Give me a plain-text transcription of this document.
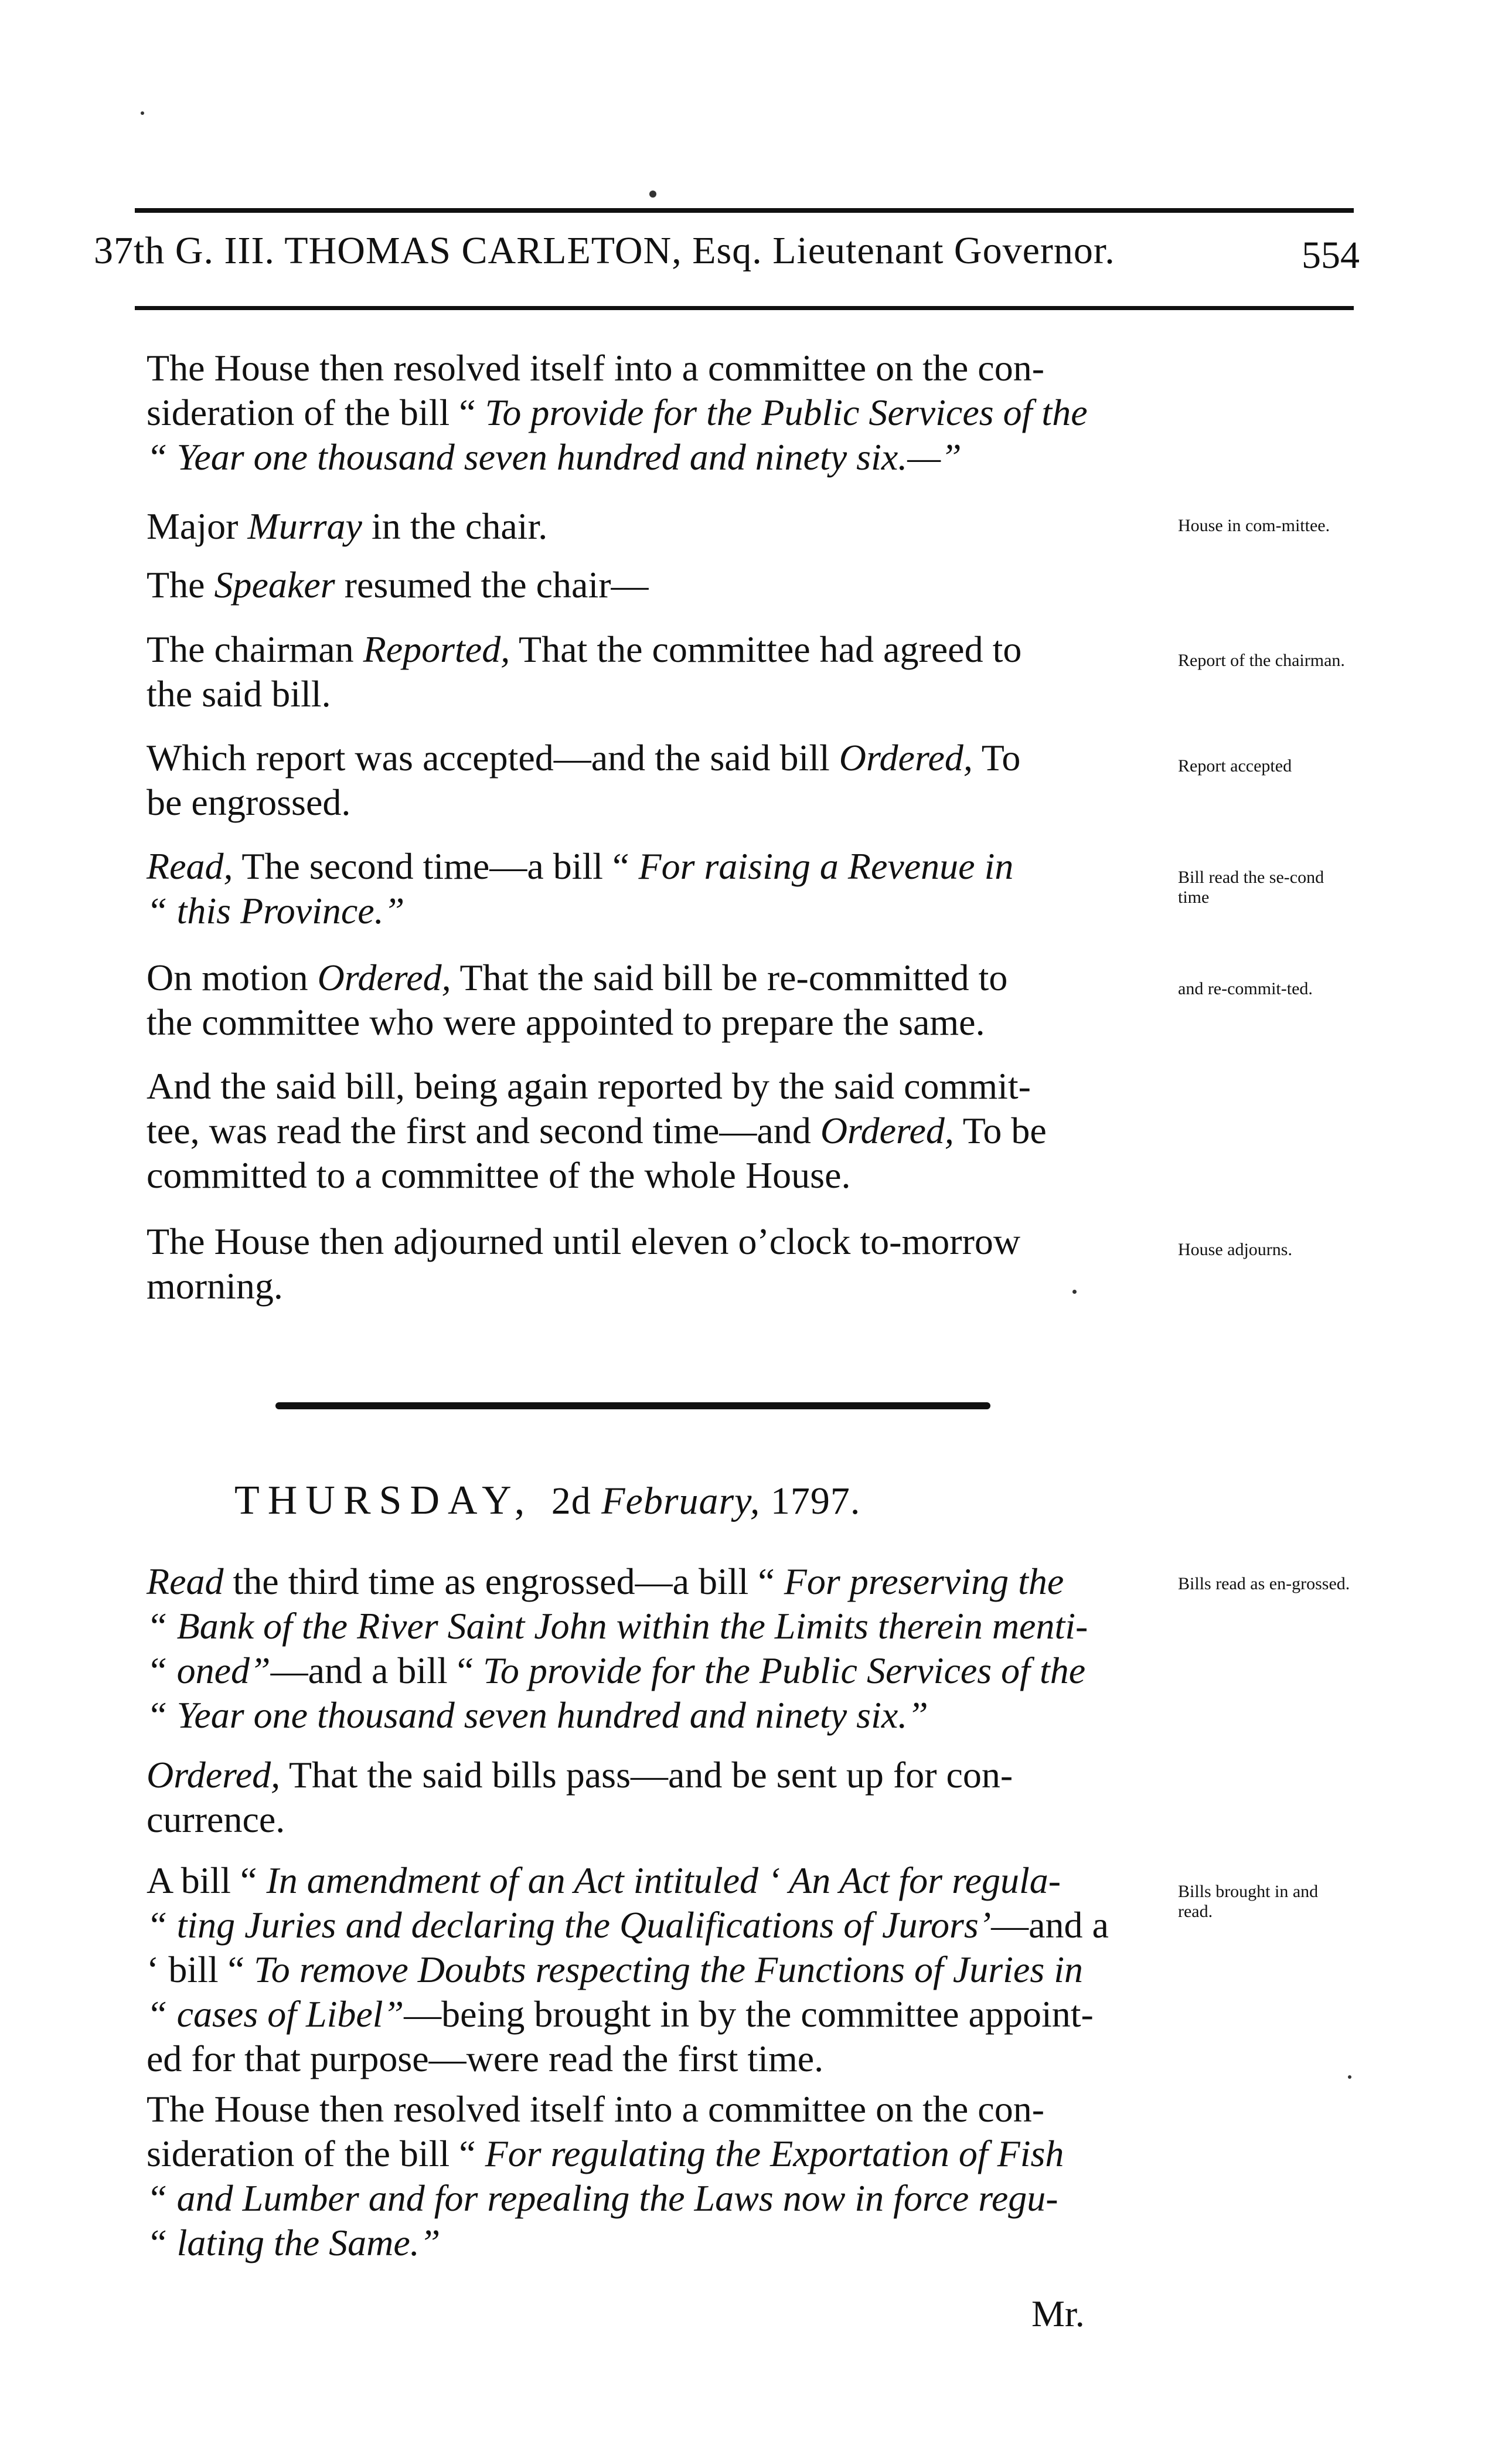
37th G. III. THOMAS CARLETON, Esq. Lieutenant Governor.	554
The House then resolved itself into a committee on the con-
sideration of the bill “ To provide for the Public Services of the
“ Year one thousand seven hundred and ninety six.—”
Major Murray in the chair.
The Speaker resumed the chair—
The chairman Reported, That the committee had agreed to
the said bill.
Which report was accepted—and the said bill Ordered, To
be engrossed.
Read, The second time—a bill “ For raising a Revenue in
“ this Province.”
On motion Ordered, That the said bill be re-committed to
the committee who were appointed to prepare the same.
And the said bill, being again reported by the said commit-
tee, was read the first and second time—and Ordered, To be
committed to a committee of the whole House.
The House then adjourned until eleven o’clock to-morrow
morning.
THURSDAY, 2d February, 1797.
Read the third time as engrossed—a bill “ For preserving the
“ Bank of the River Saint John within the Limits therein menti-
“ oned”—and a bill “ To provide for the Public Services of the
“ Year one thousand seven hundred and ninety six.”
Ordered, That the said bills pass—and be sent up for con-
currence.
A bill “ In amendment of an Act intituled ‘ An Act for regula-
“ ting Juries and declaring the Qualifications of Jurors’—and a
‘ bill “ To remove Doubts respecting the Functions of Juries in
“ cases of Libel”—being brought in by the committee appoint-
ed for that purpose—were read the first time.
The House then resolved itself into a committee on the con-
sideration of the bill “ For regulating the Exportation of Fish
“ and Lumber and for repealing the Laws now in force regu-
“ lating the Same.”
House in com-mittee.
Report of the chairman.
Report accepted
Bill read the se-cond time
and re-commit-ted.
House adjourns.
Bills read as en-grossed.
Bills brought in and read.
Mr.
